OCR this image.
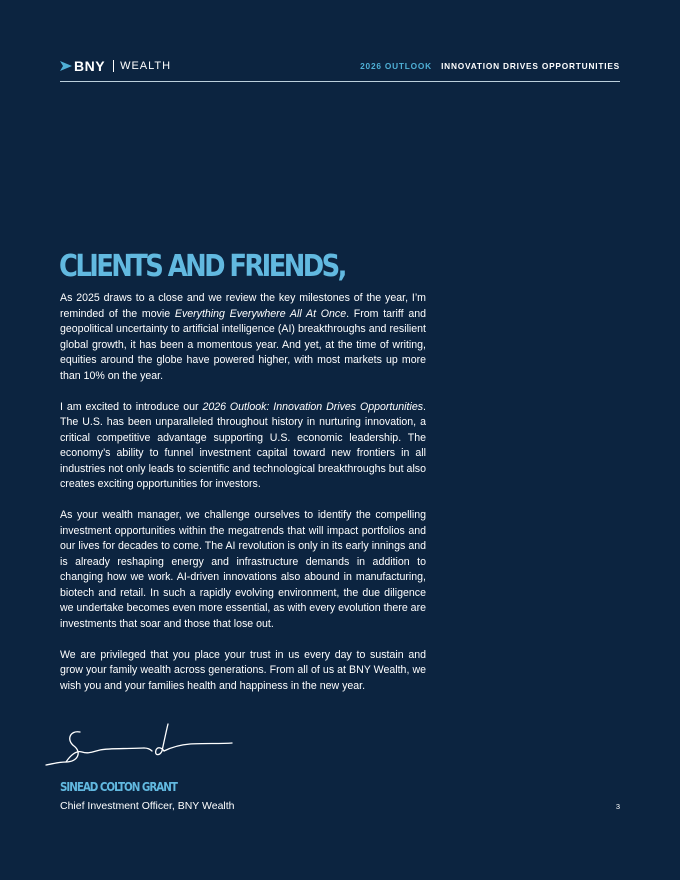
BNY WEALTH	2026 OUTLOOK INNOVATION DRIVES OPPORTUNITIES
CLIENTS AND FRIENDS,

As 2025 draws to a close and we review the key milestones of the year, I’m reminded of the movie Everything Everywhere All At Once. From tariff and geopolitical uncertainty to artificial intelligence (AI) breakthroughs and resilient global growth, it has been a momentous year. And yet, at the time of writing, equities around the globe have powered higher, with most markets up more than 10% on the year.

I am excited to introduce our 2026 Outlook: Innovation Drives Opportunities. The U.S. has been unparalleled throughout history in nurturing innovation, a critical competitive advantage supporting U.S. economic leadership. The economy’s ability to funnel investment capital toward new frontiers in all industries not only leads to scientific and technological breakthroughs but also creates exciting opportunities for investors.

As your wealth manager, we challenge ourselves to identify the compelling investment opportunities within the megatrends that will impact portfolios and our lives for decades to come. The AI revolution is only in its early innings and is already reshaping energy and infrastructure demands in addition to changing how we work. AI-driven innovations also abound in manufacturing, biotech and retail. In such a rapidly evolving environment, the due diligence we undertake becomes even more essential, as with every evolution there are investments that soar and those that lose out.

We are privileged that you place your trust in us every day to sustain and grow your family wealth across generations. From all of us at BNY Wealth, we wish you and your families health and happiness in the new year.

SINEAD COLTON GRANT
Chief Investment Officer, BNY Wealth	3
